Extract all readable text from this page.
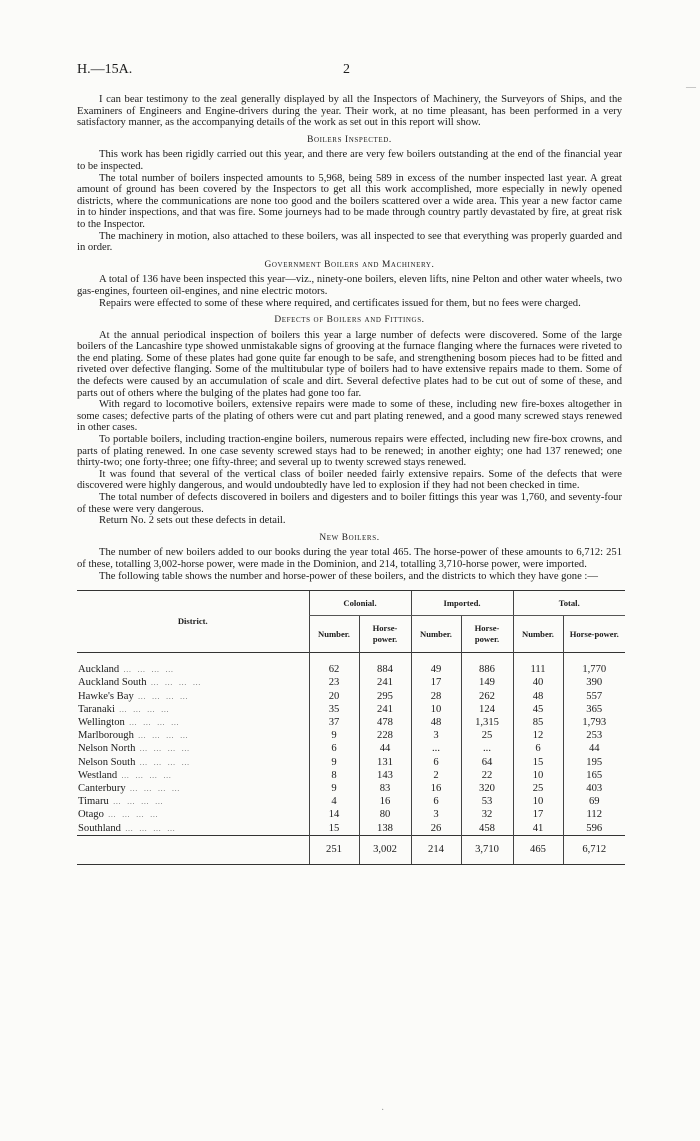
H.—15A.	2

I can bear testimony to the zeal generally displayed by all the Inspectors of Machinery, the Surveyors of Ships, and the Examiners of Engineers and Engine-drivers during the year. Their work, at no time pleasant, has been performed in a very satisfactory manner, as the accompanying details of the work as set out in this report will show.

Boilers Inspected.

This work has been rigidly carried out this year, and there are very few boilers outstanding at the end of the financial year to be inspected.

The total number of boilers inspected amounts to 5,968, being 589 in excess of the number inspected last year. A great amount of ground has been covered by the Inspectors to get all this work accomplished, more especially in newly opened districts, where the communications are none too good and the boilers scattered over a wide area. This year a new factor came in to hinder inspections, and that was fire. Some journeys had to be made through country partly devastated by fire, at great risk to the Inspector.

The machinery in motion, also attached to these boilers, was all inspected to see that everything was properly guarded and in order.

Government Boilers and Machinery.

A total of 136 have been inspected this year—viz., ninety-one boilers, eleven lifts, nine Pelton and other water wheels, two gas-engines, fourteen oil-engines, and nine electric motors.

Repairs were effected to some of these where required, and certificates issued for them, but no fees were charged.

Defects of Boilers and Fittings.

At the annual periodical inspection of boilers this year a large number of defects were discovered. Some of the large boilers of the Lancashire type showed unmistakable signs of grooving at the furnace flanging where the furnaces were riveted to the end plating. Some of these plates had gone quite far enough to be safe, and strengthening bosom pieces had to be fitted and riveted over defective flanging. Some of the multitubular type of boilers had to have extensive repairs made to them. Some of the defects were caused by an accumulation of scale and dirt. Several defective plates had to be cut out of some of these, and parts out of others where the bulging of the plates had gone too far.

With regard to locomotive boilers, extensive repairs were made to some of these, including new fire-boxes altogether in some cases; defective parts of the plating of others were cut and part plating renewed, and a good many screwed stays renewed in other cases.

To portable boilers, including traction-engine boilers, numerous repairs were effected, including new fire-box crowns, and parts of plating renewed. In one case seventy screwed stays had to be renewed; in another eighty; one had 137 renewed; one thirty-two; one forty-three; one fifty-three; and several up to twenty screwed stays renewed.

It was found that several of the vertical class of boiler needed fairly extensive repairs. Some of the defects that were discovered were highly dangerous, and would undoubtedly have led to explosion if they had not been checked in time.

The total number of defects discovered in boilers and digesters and to boiler fittings this year was 1,760, and seventy-four of these were very dangerous.

Return No. 2 sets out these defects in detail.

New Boilers.

The number of new boilers added to our books during the year total 465. The horse-power of these amounts to 6,712: 251 of these, totalling 3,002-horse power, were made in the Dominion, and 214, totalling 3,710-horse power, were imported.

The following table shows the number and horse-power of these boilers, and the districts to which they have gone :—

District.	Colonial.		Imported.		Total.	
	Number.	Horse-power.	Number.	Horse-power.	Number.	Horse-power.

Auckland … … … …	62	884	49	886	111	1,770
Auckland South … … … …	23	241	17	149	40	390
Hawke's Bay … … … …	20	295	28	262	48	557
Taranaki … … … …	35	241	10	124	45	365
Wellington … … … …	37	478	48	1,315	85	1,793
Marlborough … … … …	9	228	3	25	12	253
Nelson North … … … …	6	44	...	...	6	44
Nelson South … … … …	9	131	6	64	15	195
Westland … … … …	8	143	2	22	10	165
Canterbury … … … …	9	83	16	320	25	403
Timaru … … … …	4	16	6	53	10	69
Otago … … … …	14	80	3	32	17	112
Southland … … … …	15	138	26	458	41	596
	251	3,002	214	3,710	465	6,712
—
·
